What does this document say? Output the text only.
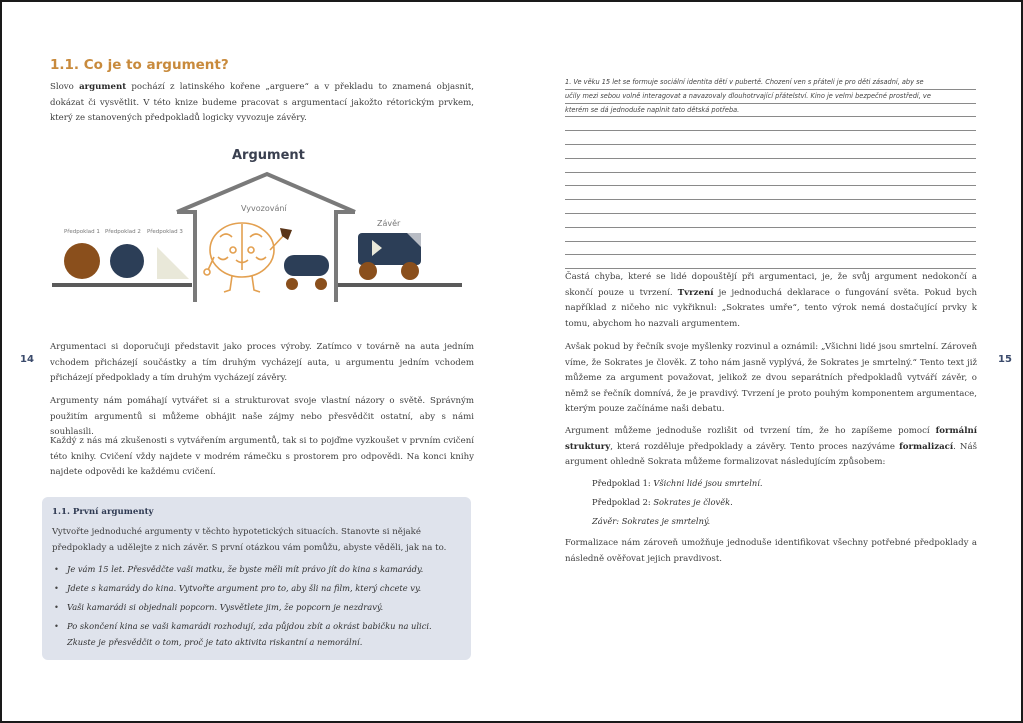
1.1. Co je to argument?
Slovo argument pochází z latinského kořene „arguere“ a v překladu to znamená objasnit, dokázat či vysvětlit. V této knize budeme pracovat s argumentací jakožto rétorickým prvkem, který ze stanovených předpokladů logicky vyvozuje závěry.
Argument
Předpoklad 1 Předpoklad 2 Předpoklad 3
Vyvozování
Závěr
14
Argumentaci si doporučuji představit jako proces výroby. Zatímco v továrně na auta jedním vchodem přicházejí součástky a tím druhým vycházejí auta, u argumentu jedním vchodem přicházejí předpoklady a tím druhým vycházejí závěry.
Argumenty nám pomáhají vytvářet si a strukturovat svoje vlastní názory o světě. Správným použitím argumentů si můžeme obhájit naše zájmy nebo přesvědčit ostatní, aby s námi souhlasili.
Každý z nás má zkušenosti s vytvářením argumentů, tak si to pojďme vyzkoušet v prvním cvičení této knihy. Cvičení vždy najdete v modrém rámečku s prostorem pro odpovědi. Na konci knihy najdete odpovědi ke každému cvičení.
1.1. První argumenty
Vytvořte jednoduché argumenty v těchto hypotetických situacích. Stanovte si nějaké předpoklady a udělejte z nich závěr. S první otázkou vám pomůžu, abyste věděli, jak na to.
• Je vám 15 let. Přesvědčte vaši matku, že byste měli mít právo jít do kina s kamarády.
• Jdete s kamarády do kina. Vytvořte argument pro to, aby šli na film, který chcete vy.
• Vaši kamarádi si objednali popcorn. Vysvětlete jim, že popcorn je nezdravý.
• Po skončení kina se vaši kamarádi rozhodují, zda půjdou zbít a okrást babičku na ulici. Zkuste je přesvědčit o tom, proč je tato aktivita riskantní a nemorální.
1. Ve věku 15 let se formuje sociální identita dětí v pubertě. Chození ven s přáteli je pro děti zásadní, aby se
učily mezi sebou volně interagovat a navazovaly dlouhotrvající přátelství. Kino je velmi bezpečné prostředí, ve
kterém se dá jednoduše naplnit tato dětská potřeba.
Častá chyba, které se lidé dopouštějí při argumentaci, je, že svůj argument nedokončí a skončí pouze u tvrzení. Tvrzení je jednoduchá deklarace o fungování světa. Pokud bych například z ničeho nic vykřiknul: „Sokrates umře“, tento výrok nemá dostačující prvky k tomu, abychom ho nazvali argumentem.
Avšak pokud by řečník svoje myšlenky rozvinul a oznámil: „Všichni lidé jsou smrtelní. Zároveň víme, že Sokrates je člověk. Z toho nám jasně vyplývá, že Sokrates je smrtelný.“ Tento text již můžeme za argument považovat, jelikož ze dvou separátních předpokladů vytváří závěr, o němž se řečník domnívá, že je pravdivý. Tvrzení je proto pouhým komponentem argumentace, kterým pouze začínáme naši debatu.
15
Argument můžeme jednoduše rozlišit od tvrzení tím, že ho zapíšeme pomocí formální struktury, která rozděluje předpoklady a závěry. Tento proces nazýváme formalizací. Náš argument ohledně Sokrata můžeme formalizovat následujícím způsobem:
Předpoklad 1: Všichni lidé jsou smrtelní.
Předpoklad 2: Sokrates je člověk.
Závěr: Sokrates je smrtelný.
Formalizace nám zároveň umožňuje jednoduše identifikovat všechny potřebné předpoklady a následně ověřovat jejich pravdivost.
